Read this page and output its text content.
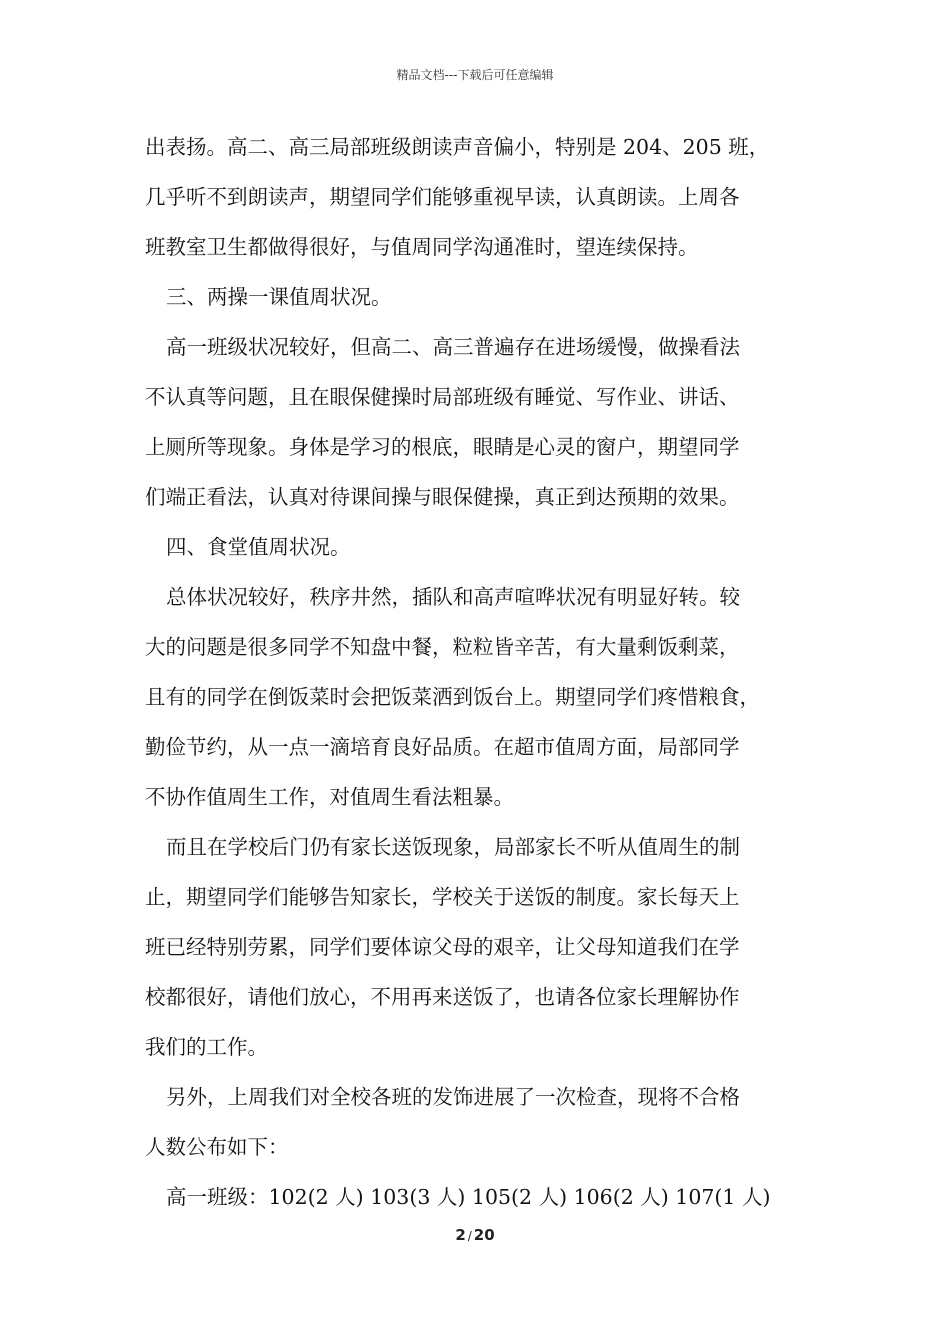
精品文档---下载后可任意编辑
出表扬。高二、高三局部班级朗读声音偏小，特别是 204、205 班，
几乎听不到朗读声，期望同学们能够重视早读，认真朗读。上周各
班教室卫生都做得很好，与值周同学沟通准时，望连续保持。
三、两操一课值周状况。
高一班级状况较好，但高二、高三普遍存在进场缓慢，做操看法
不认真等问题，且在眼保健操时局部班级有睡觉、写作业、讲话、
上厕所等现象。身体是学习的根底，眼睛是心灵的窗户，期望同学
们端正看法，认真对待课间操与眼保健操，真正到达预期的效果。
四、食堂值周状况。
总体状况较好，秩序井然，插队和高声喧哗状况有明显好转。较
大的问题是很多同学不知盘中餐，粒粒皆辛苦，有大量剩饭剩菜，
且有的同学在倒饭菜时会把饭菜洒到饭台上。期望同学们疼惜粮食，
勤俭节约，从一点一滴培育良好品质。在超市值周方面，局部同学
不协作值周生工作，对值周生看法粗暴。
而且在学校后门仍有家长送饭现象，局部家长不听从值周生的制
止，期望同学们能够告知家长，学校关于送饭的制度。家长每天上
班已经特别劳累，同学们要体谅父母的艰辛，让父母知道我们在学
校都很好，请他们放心，不用再来送饭了，也请各位家长理解协作
我们的工作。
另外，上周我们对全校各班的发饰进展了一次检查，现将不合格
人数公布如下：
高一班级：102(2 人) 103(3 人) 105(2 人) 106(2 人) 107(1 人)
2 / 20
